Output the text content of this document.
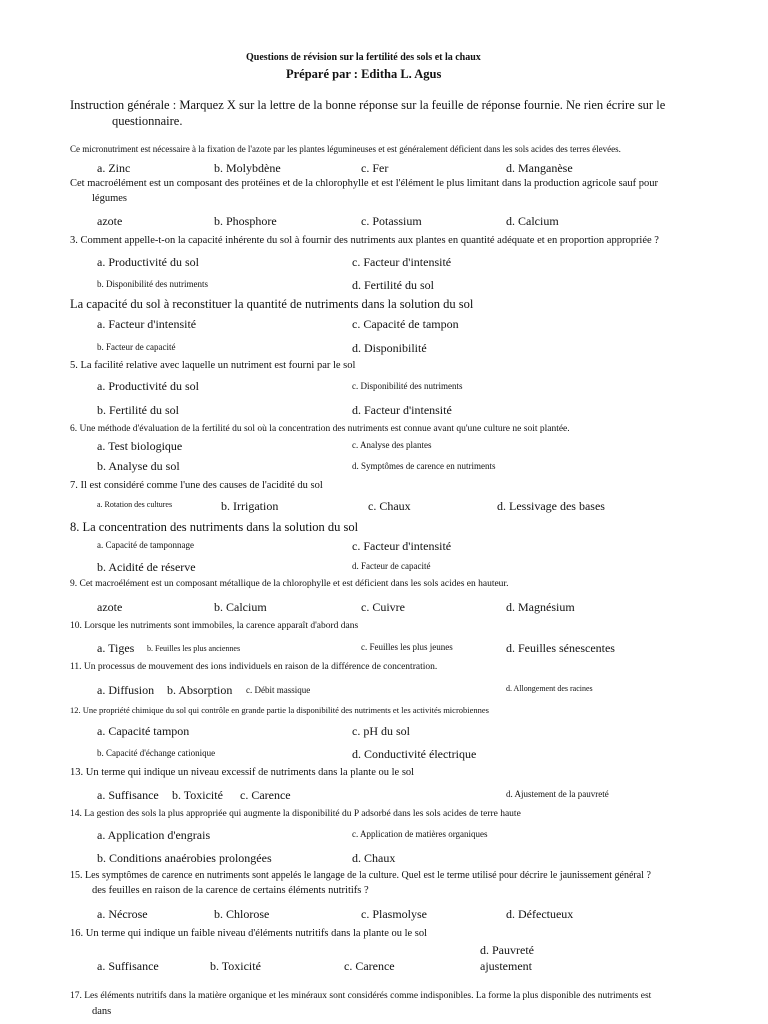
Questions de révision sur la fertilité des sols et la chaux
Préparé par : Editha L. Agus
Instruction générale : Marquez X sur la lettre de la bonne réponse sur la feuille de réponse fournie. Ne rien écrire sur le
questionnaire.
Ce micronutriment est nécessaire à la fixation de l'azote par les plantes légumineuses et est généralement déficient dans les sols acides des terres élevées.
a. Zinc	b. Molybdène	c. Fer	d. Manganèse
Cet macroélément est un composant des protéines et de la chlorophylle et est l'élément le plus limitant dans la production agricole sauf pour
légumes
azote	b. Phosphore	c. Potassium	d. Calcium
3. Comment appelle-t-on la capacité inhérente du sol à fournir des nutriments aux plantes en quantité adéquate et en proportion appropriée ?
a. Productivité du sol	c. Facteur d'intensité
b. Disponibilité des nutriments	d. Fertilité du sol
La capacité du sol à reconstituer la quantité de nutriments dans la solution du sol
a. Facteur d'intensité	c. Capacité de tampon
b. Facteur de capacité	d. Disponibilité
5. La facilité relative avec laquelle un nutriment est fourni par le sol
a. Productivité du sol	c. Disponibilité des nutriments
b. Fertilité du sol	d. Facteur d'intensité
6. Une méthode d'évaluation de la fertilité du sol où la concentration des nutriments est connue avant qu'une culture ne soit plantée.
a. Test biologique	c. Analyse des plantes
b. Analyse du sol	d. Symptômes de carence en nutriments
7. Il est considéré comme l'une des causes de l'acidité du sol
a. Rotation des cultures	b. Irrigation	c. Chaux	d. Lessivage des bases
8. La concentration des nutriments dans la solution du sol
a. Capacité de tamponnage	c. Facteur d'intensité
b. Acidité de réserve	d. Facteur de capacité
9. Cet macroélément est un composant métallique de la chlorophylle et est déficient dans les sols acides en hauteur.
azote	b. Calcium	c. Cuivre	d. Magnésium
10. Lorsque les nutriments sont immobiles, la carence apparaît d'abord dans
a. Tiges b. Feuilles les plus anciennes	c. Feuilles les plus jeunes	d. Feuilles sénescentes
11. Un processus de mouvement des ions individuels en raison de la différence de concentration.
a. Diffusion b. Absorption c. Débit massique	d. Allongement des racines
12. Une propriété chimique du sol qui contrôle en grande partie la disponibilité des nutriments et les activités microbiennes
a. Capacité tampon	c. pH du sol
b. Capacité d'échange cationique	d. Conductivité électrique
13. Un terme qui indique un niveau excessif de nutriments dans la plante ou le sol
a. Suffisance b. Toxicité c. Carence	d. Ajustement de la pauvreté
14. La gestion des sols la plus appropriée qui augmente la disponibilité du P adsorbé dans les sols acides de terre haute
a. Application d'engrais	c. Application de matières organiques
b. Conditions anaérobies prolongées	d. Chaux
15. Les symptômes de carence en nutriments sont appelés le langage de la culture. Quel est le terme utilisé pour décrire le jaunissement général ?
des feuilles en raison de la carence de certains éléments nutritifs ?
a. Nécrose	b. Chlorose	c. Plasmolyse	d. Défectueux
16. Un terme qui indique un faible niveau d'éléments nutritifs dans la plante ou le sol
d. Pauvreté
a. Suffisance	b. Toxicité	c. Carence	ajustement
17. Les éléments nutritifs dans la matière organique et les minéraux sont considérés comme indisponibles. La forme la plus disponible des nutriments est
dans
